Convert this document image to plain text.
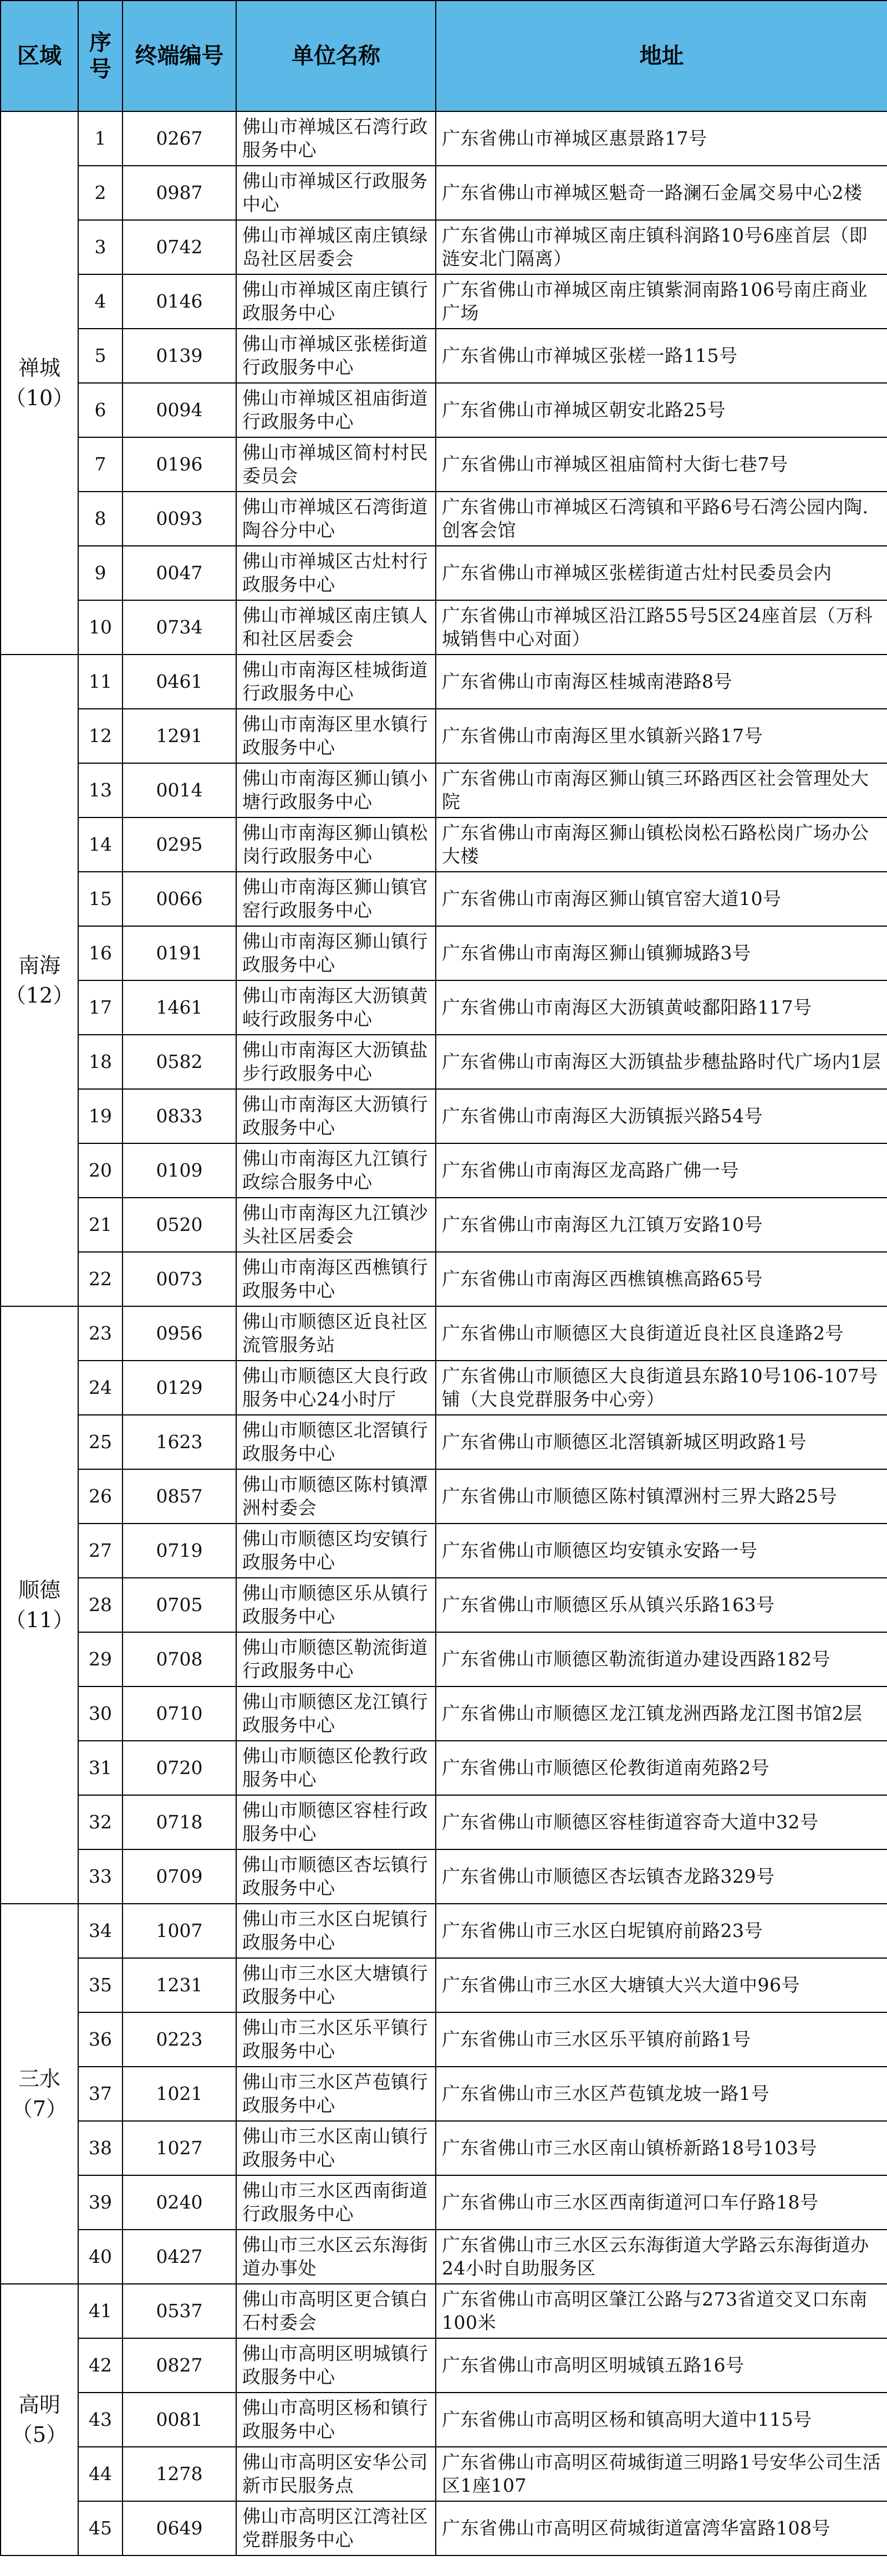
区域	序号	终端编号	单位名称	地址

禅城
（10）	1	0267	佛山市禅城区石湾行政服务中心	广东省佛山市禅城区惠景路17号
	2	0987	佛山市禅城区行政服务中心	广东省佛山市禅城区魁奇一路澜石金属交易中心2楼
	3	0742	佛山市禅城区南庄镇绿岛社区居委会	广东省佛山市禅城区南庄镇科润路10号6座首层（即涟安北门隔离）
	4	0146	佛山市禅城区南庄镇行政服务中心	广东省佛山市禅城区南庄镇紫洞南路106号南庄商业广场
	5	0139	佛山市禅城区张槎街道行政服务中心	广东省佛山市禅城区张槎一路115号
	6	0094	佛山市禅城区祖庙街道行政服务中心	广东省佛山市禅城区朝安北路25号
	7	0196	佛山市禅城区简村村民委员会	广东省佛山市禅城区祖庙简村大街七巷7号
	8	0093	佛山市禅城区石湾街道陶谷分中心	广东省佛山市禅城区石湾镇和平路6号石湾公园内陶.创客会馆
	9	0047	佛山市禅城区古灶村行政服务中心	广东省佛山市禅城区张槎街道古灶村民委员会内
	10	0734	佛山市禅城区南庄镇人和社区居委会	广东省佛山市禅城区沿江路55号5区24座首层（万科城销售中心对面）

南海
（12）	11	0461	佛山市南海区桂城街道行政服务中心	广东省佛山市南海区桂城南港路8号
	12	1291	佛山市南海区里水镇行政服务中心	广东省佛山市南海区里水镇新兴路17号
	13	0014	佛山市南海区狮山镇小塘行政服务中心	广东省佛山市南海区狮山镇三环路西区社会管理处大院
	14	0295	佛山市南海区狮山镇松岗行政服务中心	广东省佛山市南海区狮山镇松岗松石路松岗广场办公大楼
	15	0066	佛山市南海区狮山镇官窑行政服务中心	广东省佛山市南海区狮山镇官窑大道10号
	16	0191	佛山市南海区狮山镇行政服务中心	广东省佛山市南海区狮山镇狮城路3号
	17	1461	佛山市南海区大沥镇黄岐行政服务中心	广东省佛山市南海区大沥镇黄岐鄱阳路117号
	18	0582	佛山市南海区大沥镇盐步行政服务中心	广东省佛山市南海区大沥镇盐步穗盐路时代广场内1层
	19	0833	佛山市南海区大沥镇行政服务中心	广东省佛山市南海区大沥镇振兴路54号
	20	0109	佛山市南海区九江镇行政综合服务中心	广东省佛山市南海区龙高路广佛一号
	21	0520	佛山市南海区九江镇沙头社区居委会	广东省佛山市南海区九江镇万安路10号
	22	0073	佛山市南海区西樵镇行政服务中心	广东省佛山市南海区西樵镇樵高路65号

顺德
（11）	23	0956	佛山市顺德区近良社区流管服务站	广东省佛山市顺德区大良街道近良社区良逢路2号
	24	0129	佛山市顺德区大良行政服务中心24小时厅	广东省佛山市顺德区大良街道县东路10号106-107号铺（大良党群服务中心旁）
	25	1623	佛山市顺德区北滘镇行政服务中心	广东省佛山市顺德区北滘镇新城区明政路1号
	26	0857	佛山市顺德区陈村镇潭洲村委会	广东省佛山市顺德区陈村镇潭洲村三界大路25号
	27	0719	佛山市顺德区均安镇行政服务中心	广东省佛山市顺德区均安镇永安路一号
	28	0705	佛山市顺德区乐从镇行政服务中心	广东省佛山市顺德区乐从镇兴乐路163号
	29	0708	佛山市顺德区勒流街道行政服务中心	广东省佛山市顺德区勒流街道办建设西路182号
	30	0710	佛山市顺德区龙江镇行政服务中心	广东省佛山市顺德区龙江镇龙洲西路龙江图书馆2层
	31	0720	佛山市顺德区伦教行政服务中心	广东省佛山市顺德区伦教街道南苑路2号
	32	0718	佛山市顺德区容桂行政服务中心	广东省佛山市顺德区容桂街道容奇大道中32号
	33	0709	佛山市顺德区杏坛镇行政服务中心	广东省佛山市顺德区杏坛镇杏龙路329号

三水
（7）	34	1007	佛山市三水区白坭镇行政服务中心	广东省佛山市三水区白坭镇府前路23号
	35	1231	佛山市三水区大塘镇行政服务中心	广东省佛山市三水区大塘镇大兴大道中96号
	36	0223	佛山市三水区乐平镇行政服务中心	广东省佛山市三水区乐平镇府前路1号
	37	1021	佛山市三水区芦苞镇行政服务中心	广东省佛山市三水区芦苞镇龙坡一路1号
	38	1027	佛山市三水区南山镇行政服务中心	广东省佛山市三水区南山镇桥新路18号103号
	39	0240	佛山市三水区西南街道行政服务中心	广东省佛山市三水区西南街道河口车仔路18号
	40	0427	佛山市三水区云东海街道办事处	广东省佛山市三水区云东海街道大学路云东海街道办24小时自助服务区

高明
（5）	41	0537	佛山市高明区更合镇白石村委会	广东省佛山市高明区肇江公路与273省道交叉口东南100米
	42	0827	佛山市高明区明城镇行政服务中心	广东省佛山市高明区明城镇五路16号
	43	0081	佛山市高明区杨和镇行政服务中心	广东省佛山市高明区杨和镇高明大道中115号
	44	1278	佛山市高明区安华公司新市民服务点	广东省佛山市高明区荷城街道三明路1号安华公司生活区1座107
	45	0649	佛山市高明区江湾社区党群服务中心	广东省佛山市高明区荷城街道富湾华富路108号
